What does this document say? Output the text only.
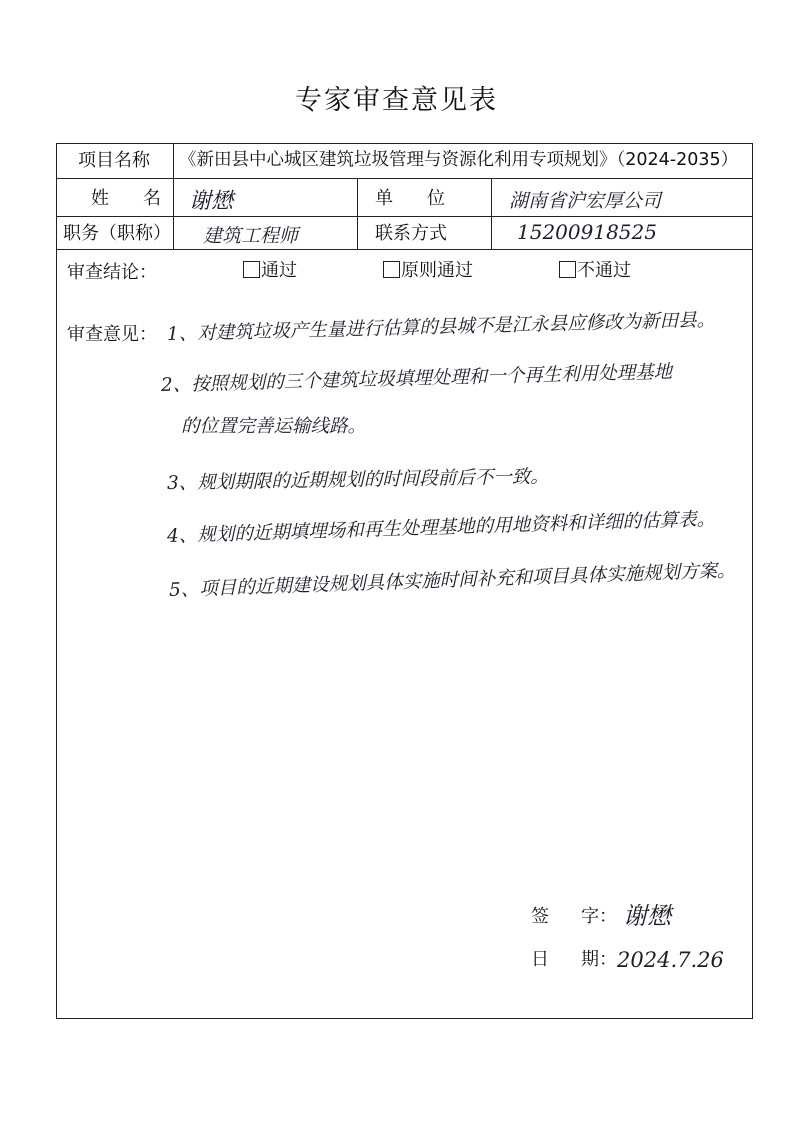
专家审查意见表
项目名称 《新田县中心城区建筑垃圾管理与资源化利用专项规划》（2024-2035）
姓 名 谢懋	单 位	湖南省沪宏厚公司
职务（职称） 建筑工程师	联系方式	15200918525
审查结论：	通过	原则通过	不通过
审查意见： 1、对建筑垃圾产生量进行估算的县城不是江永县应修改为新田县。
2、按照规划的三个建筑垃圾填埋处理和一个再生利用处理基地
的位置完善运输线路。
3、规划期限的近期规划的时间段前后不一致。
4、规划的近期填埋场和再生处理基地的用地资料和详细的估算表。
5、项目的近期建设规划具体实施时间补充和项目具体实施规划方案。
签 字： 谢懋
日 期： 2024.7.26
